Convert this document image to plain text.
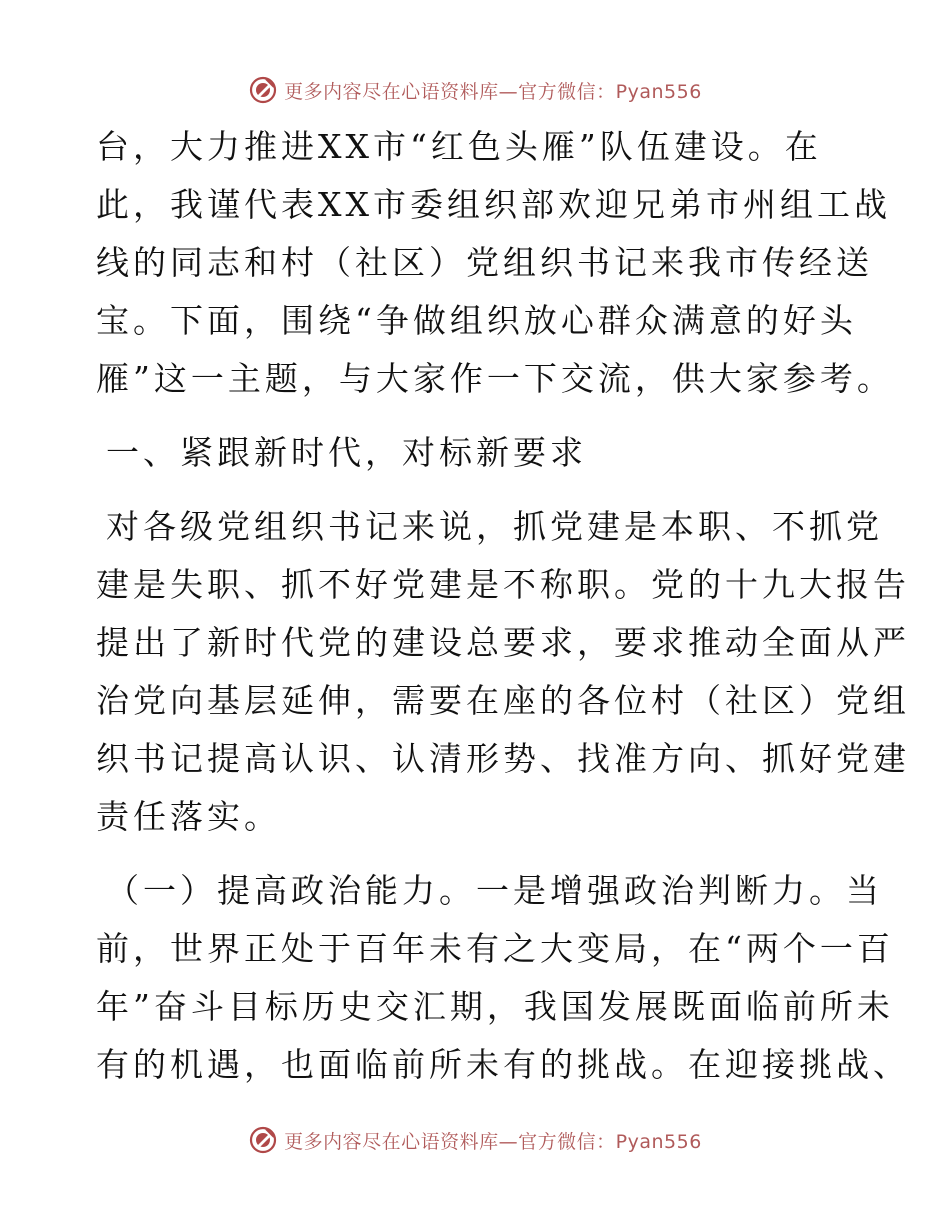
更多内容尽在心语资料库—官方微信：Pyan556
台，大力推进XX市“红色头雁”队伍建设。在
此，我谨代表XX市委组织部欢迎兄弟市州组工战
线的同志和村（社区）党组织书记来我市传经送
宝。下面，围绕“争做组织放心群众满意的好头
雁”这一主题，与大家作一下交流，供大家参考。
一、紧跟新时代，对标新要求
对各级党组织书记来说，抓党建是本职、不抓党
建是失职、抓不好党建是不称职。党的十九大报告
提出了新时代党的建设总要求，要求推动全面从严
治党向基层延伸，需要在座的各位村（社区）党组
织书记提高认识、认清形势、找准方向、抓好党建
责任落实。
（一）提高政治能力。一是增强政治判断力。当
前，世界正处于百年未有之大变局，在“两个一百
年”奋斗目标历史交汇期，我国发展既面临前所未
有的机遇，也面临前所未有的挑战。在迎接挑战、
更多内容尽在心语资料库—官方微信：Pyan556
